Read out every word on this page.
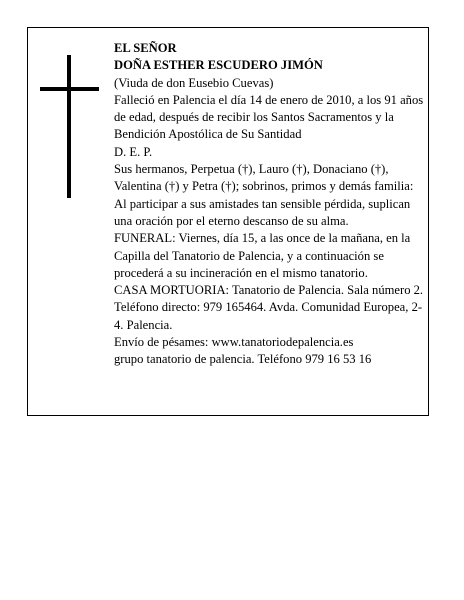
EL SEÑOR

DOÑA ESTHER ESCUDERO JIMÓN

(Viuda de don Eusebio Cuevas)

Falleció en Palencia el día 14 de enero de 2010, a los 91 años de edad, después de recibir los Santos Sacramentos y la Bendición Apostólica de Su Santidad

D. E. P.

Sus hermanos, Perpetua (†), Lauro (†), Donaciano (†), Valentina (†) y Petra (†); sobrinos, primos y demás familia:

Al participar a sus amistades tan sensible pérdida, suplican una oración por el eterno descanso de su alma.

FUNERAL: Viernes, día 15, a las once de la mañana, en la Capilla del Tanatorio de Palencia, y a continuación se procederá a su incineración en el mismo tanatorio.

CASA MORTUORIA: Tanatorio de Palencia. Sala número 2. Teléfono directo: 979 165464. Avda. Comunidad Europea, 2-4. Palencia.

Envío de pésames: www.tanatoriodepalencia.es

grupo tanatorio de palencia. Teléfono 979 16 53 16
